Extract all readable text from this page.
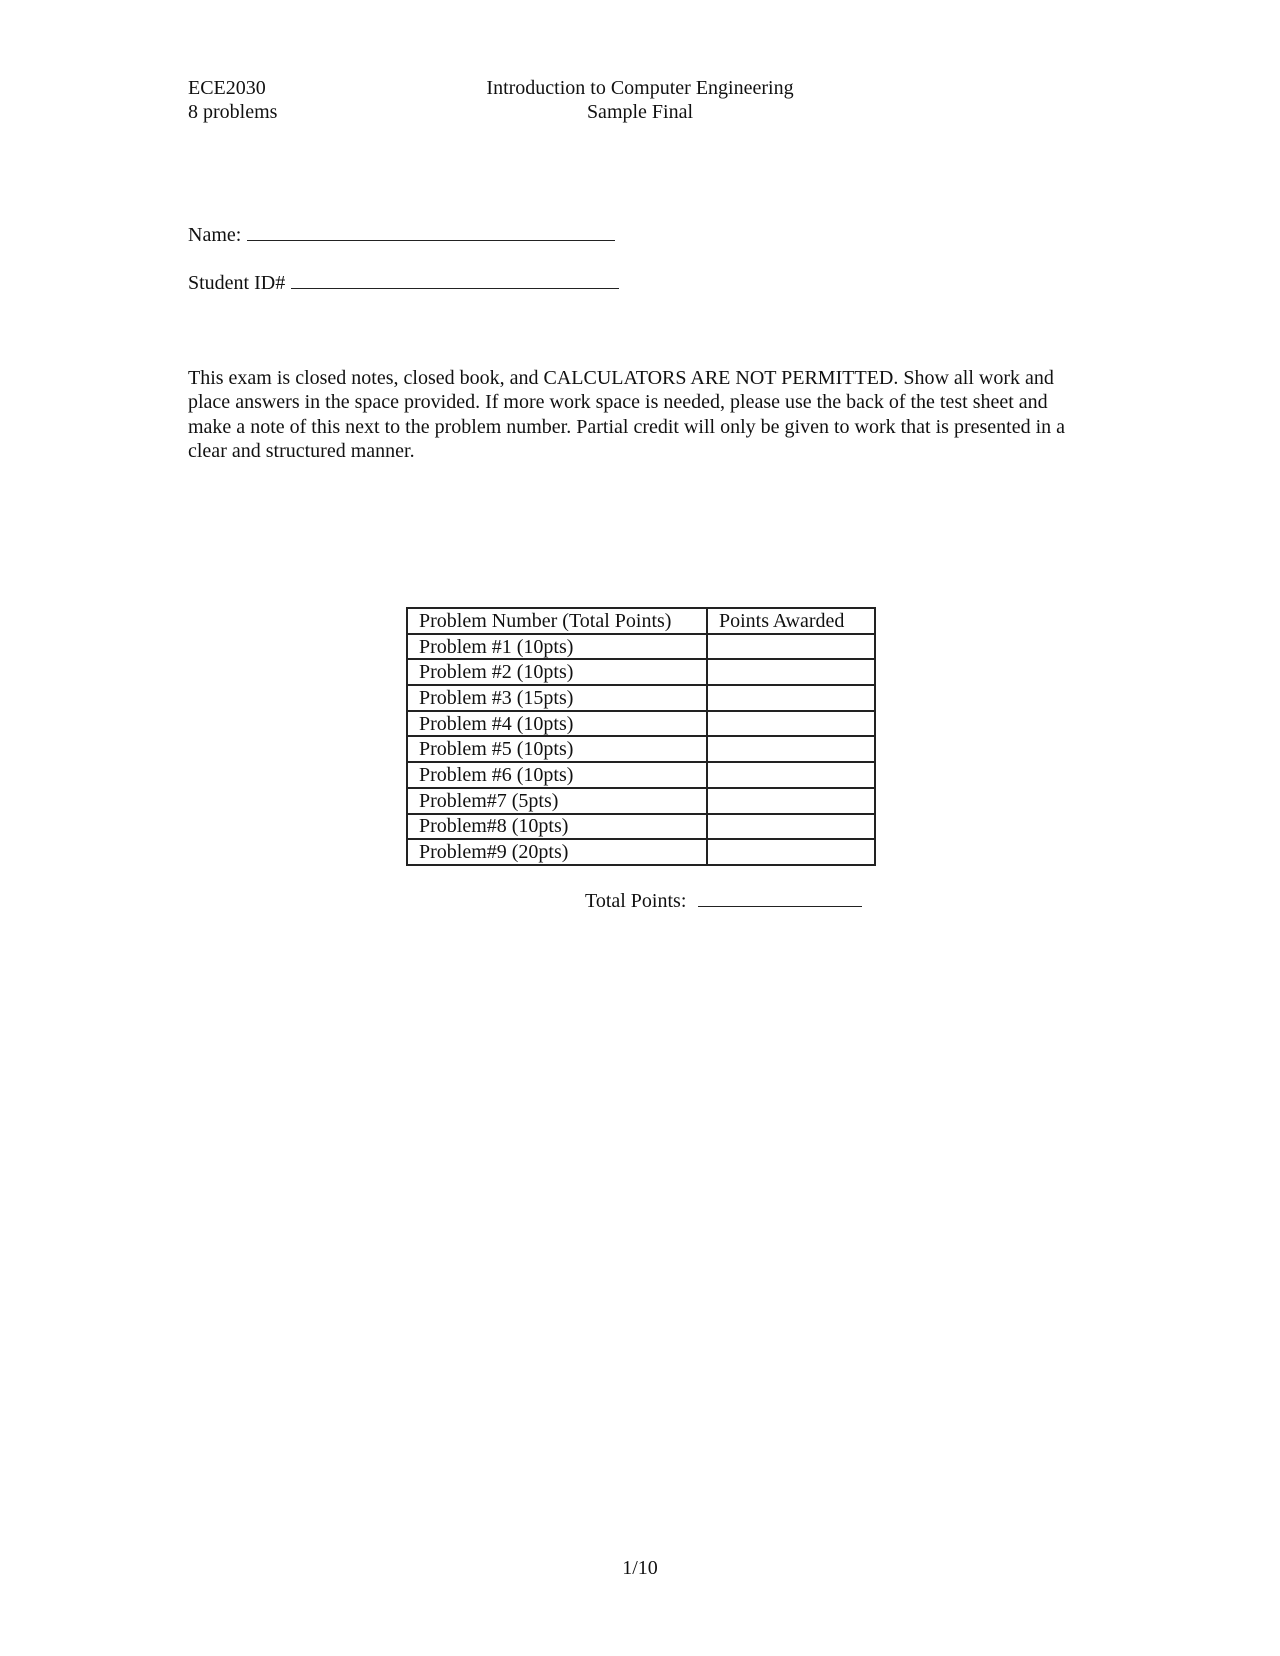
ECE2030
8 problems
Introduction to Computer Engineering
Sample Final
Name:
Student ID#
This exam is closed notes, closed book, and CALCULATORS ARE NOT PERMITTED. Show all work and place answers in the space provided. If more work space is needed, please use the back of the test sheet and make a note of this next to the problem number. Partial credit will only be given to work that is presented in a clear and structured manner.
Problem Number (Total Points)	Points Awarded
Problem #1 (10pts)	
Problem #2 (10pts)	
Problem #3 (15pts)	
Problem #4 (10pts)	
Problem #5 (10pts)	
Problem #6 (10pts)	
Problem#7 (5pts)	
Problem#8 (10pts)	
Problem#9 (20pts)	
Total Points:
1/10
